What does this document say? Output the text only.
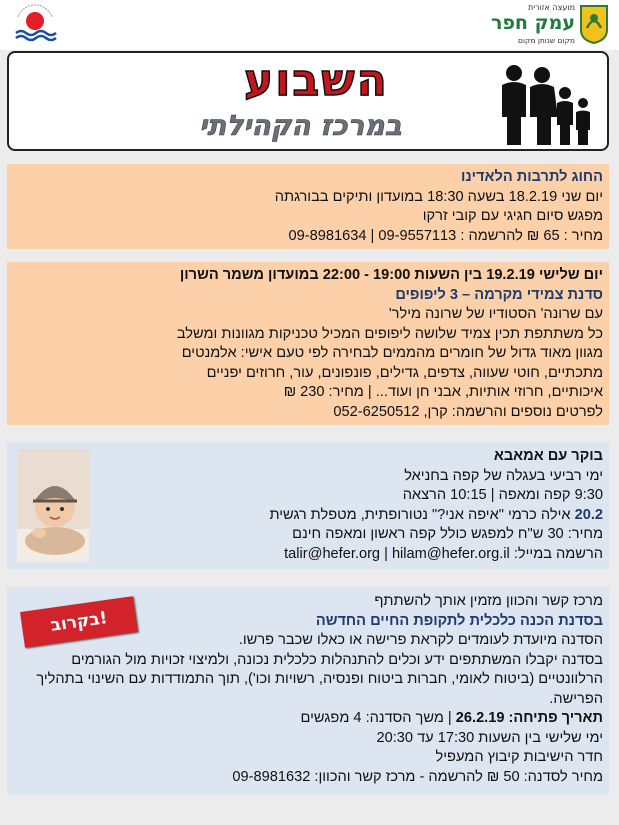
מועצה אזורית
עמק חפר
מקום שנותן מקום
השבוע
במרכז הקהילתי
החוג לתרבות הלאדינו
יום שני 18.2.19 בשעה 18:30 במועדון ותיקים בבורגתה
מפגש סיום חגיגי עם קובי זרקו
מחיר : 65 ₪ להרשמה : 09-9557113 | 09-8981634
יום שלישי 19.2.19 בין השעות 19:00 - 22:00 במועדון משמר השרון
סדנת צמידי מקרמה – 3 ליפופים
עם שרונה' הסטודיו של שרונה מילר'
כל משתתפת תכין צמיד שלושה ליפופים המכיל טכניקות מגוונות ומשלב
מגוון מאוד גדול של חומרים מהממים לבחירה לפי טעם אישי: אלמנטים
מתכתיים, חוטי שעווה, צדפים, גדילים, פונפונים, עור, חרוזים יפניים
איכותיים, חרוזי אותיות, אבני חן ועוד... | מחיר: 230 ₪
לפרטים נוספים והרשמה: קרן, 052-6250512
בוקר עם אמאבא
ימי רביעי בעגלה של קפה בחניאל
9:30 קפה ומאפה | 10:15 הרצאה
20.2 אילה כרמי "איפה אני?" נטורופתית, מטפלת רגשית
מחיר: 30 ש"ח למפגש כולל קפה ראשון ומאפה חינם
הרשמה במייל: talir@hefer.org | hilam@hefer.org.il
מרכז קשר והכוון מזמין אותך להשתתף
בסדנת הכנה כלכלית לתקופת החיים החדשה
הסדנה מיועדת לעומדים לקראת פרישה או כאלו שכבר פרשו.
בסדנה יקבלו המשתתפים ידע וכלים להתנהלות כלכלית נכונה, ולמיצוי זכויות מול הגורמים הרלוונטיים (ביטוח לאומי, חברות ביטוח ופנסיה, רשויות וכו'), תוך התמודדות עם השינוי בתהליך הפרישה.
תאריך פתיחה: 26.2.19 | משך הסדנה: 4 מפגשים
ימי שלישי בין השעות 17:30 עד 20:30
חדר הישיבות קיבוץ המעפיל
מחיר לסדנה: 50 ₪ להרשמה - מרכז קשר והכוון: 09-8981632
בקרוב!
